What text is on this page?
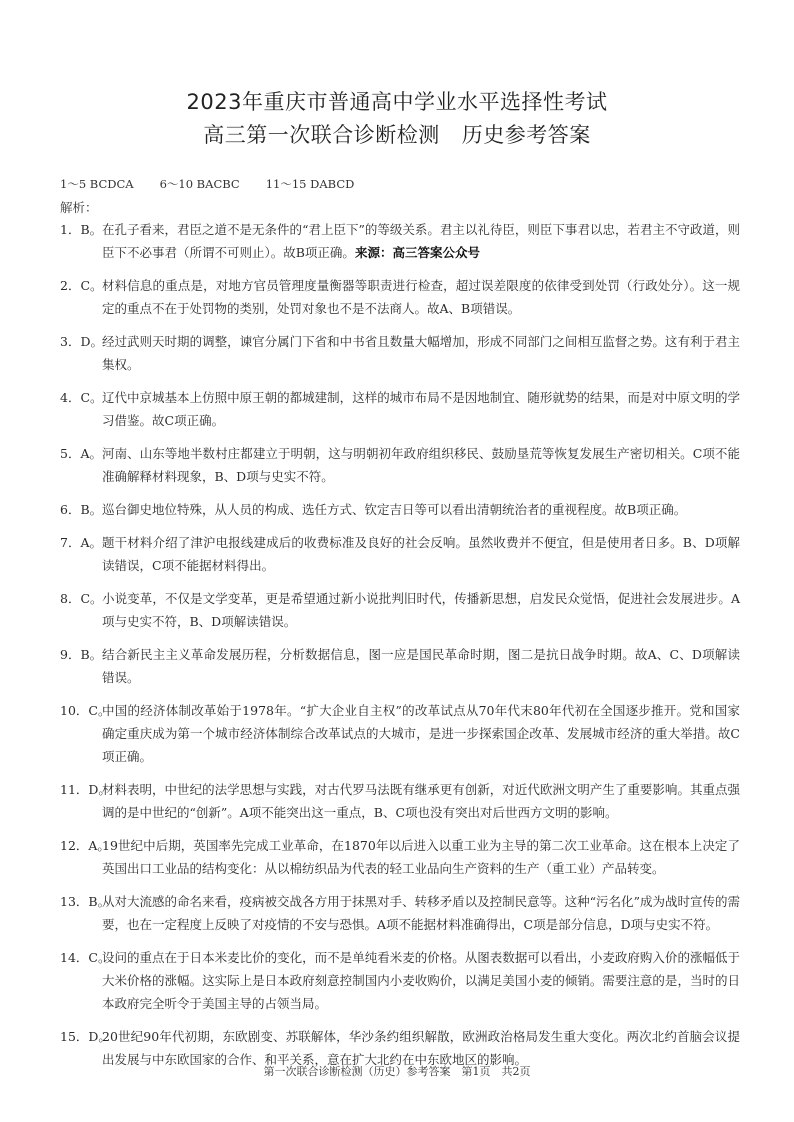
2023年重庆市普通高中学业水平选择性考试
高三第一次联合诊断检测 历史参考答案
1～5 BCDCA 6～10 BACBC 11～15 DABCD
解析：
1．B。 在孔子看来，君臣之道不是无条件的“君上臣下”的等级关系。君主以礼待臣，则臣下事君以忠，若君主不守政道，则臣下不必事君（所谓不可则止）。故B项正确。来源：高三答案公众号
2．C。 材料信息的重点是，对地方官员管理度量衡器等职责进行检查，超过误差限度的依律受到处罚（行政处分）。这一规定的重点不在于处罚物的类别，处罚对象也不是不法商人。故A、B项错误。
3．D。 经过武则天时期的调整，谏官分属门下省和中书省且数量大幅增加，形成不同部门之间相互监督之势。这有利于君主集权。
4．C。 辽代中京城基本上仿照中原王朝的都城建制，这样的城市布局不是因地制宜、随形就势的结果，而是对中原文明的学习借鉴。故C项正确。
5．A。 河南、山东等地半数村庄都建立于明朝，这与明朝初年政府组织移民、鼓励垦荒等恢复发展生产密切相关。C项不能准确解释材料现象，B、D项与史实不符。
6．B。 巡台御史地位特殊，从人员的构成、选任方式、钦定吉日等可以看出清朝统治者的重视程度。故B项正确。
7．A。 题干材料介绍了津沪电报线建成后的收费标准及良好的社会反响。虽然收费并不便宜，但是使用者日多。B、D项解读错误，C项不能据材料得出。
8．C。 小说变革，不仅是文学变革，更是希望通过新小说批判旧时代，传播新思想，启发民众觉悟，促进社会发展进步。A项与史实不符，B、D项解读错误。
9．B。 结合新民主主义革命发展历程，分析数据信息，图一应是国民革命时期，图二是抗日战争时期。故A、C、D项解读错误。
10．C。
中国的经济体制改革始于1978年。“扩大企业自主权”的改革试点从70年代末80年代初在全国逐步推开。党和国家确定重庆成为第一个城市经济体制综合改革试点的大城市，是进一步探索国企改革、发展城市经济的重大举措。故C项正确。
11．D。
材料表明，中世纪的法学思想与实践，对古代罗马法既有继承更有创新，对近代欧洲文明产生了重要影响。其重点强调的是中世纪的“创新”。A项不能突出这一重点，B、C项也没有突出对后世西方文明的影响。
12．A。
19世纪中后期，英国率先完成工业革命，在1870年以后进入以重工业为主导的第二次工业革命。这在根本上决定了英国出口工业品的结构变化：从以棉纺织品为代表的轻工业品向生产资料的生产（重工业）产品转变。
13．B。
从对大流感的命名来看，疫病被交战各方用于抹黑对手、转移矛盾以及控制民意等。这种“污名化”成为战时宣传的需要，也在一定程度上反映了对疫情的不安与恐惧。A项不能据材料准确得出，C项是部分信息，D项与史实不符。
14．C。
设问的重点在于日本米麦比价的变化，而不是单纯看米麦的价格。从图表数据可以看出，小麦政府购入价的涨幅低于大米价格的涨幅。这实际上是日本政府刻意控制国内小麦收购价，以满足美国小麦的倾销。需要注意的是，当时的日本政府完全听令于美国主导的占领当局。
15．D。
20世纪90年代初期，东欧剧变、苏联解体，华沙条约组织解散，欧洲政治格局发生重大变化。两次北约首脑会议提出发展与中东欧国家的合作、和平关系，意在扩大北约在中东欧地区的影响。
第一次联合诊断检测（历史）参考答案　第1页　共2页
